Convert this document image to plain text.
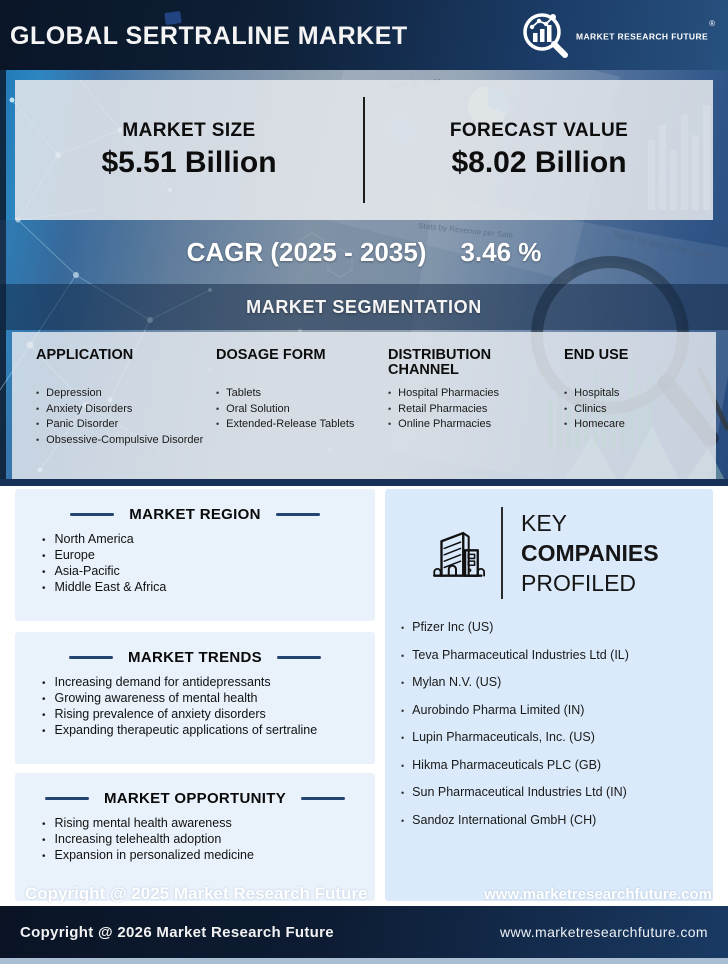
GLOBAL SERTRALINE MARKET	MARKET RESEARCH FUTURE®
Stats by Revenue per Sale	Sales by day of the week
MARKET SIZE
$5.51 Billion
FORECAST VALUE
$8.02 Billion
CAGR (2025 - 2035) 3.46 %
MARKET SEGMENTATION
APPLICATION
• Depression
• Anxiety Disorders
• Panic Disorder
• Obsessive-Compulsive Disorder
DOSAGE FORM
• Tablets
• Oral Solution
• Extended-Release Tablets
DISTRIBUTION CHANNEL
• Hospital Pharmacies
• Retail Pharmacies
• Online Pharmacies
END USE
• Hospitals
• Clinics
• Homecare
MARKET REGION
• North America
• Europe
• Asia-Pacific
• Middle East & Africa
MARKET TRENDS
• Increasing demand for antidepressants
• Growing awareness of mental health
• Rising prevalence of anxiety disorders
• Expanding therapeutic applications of sertraline
MARKET OPPORTUNITY
• Rising mental health awareness
• Increasing telehealth adoption
• Expansion in personalized medicine
KEY
COMPANIES
PROFILED
• Pfizer Inc (US)
• Teva Pharmaceutical Industries Ltd (IL)
• Mylan N.V. (US)
• Aurobindo Pharma Limited (IN)
• Lupin Pharmaceuticals, Inc. (US)
• Hikma Pharmaceuticals PLC (GB)
• Sun Pharmaceutical Industries Ltd (IN)
• Sandoz International GmbH (CH)
Copyright @ 2025 Market Research Future	www.marketresearchfuture.com
Copyright @ 2026 Market Research Future	www.marketresearchfuture.com
